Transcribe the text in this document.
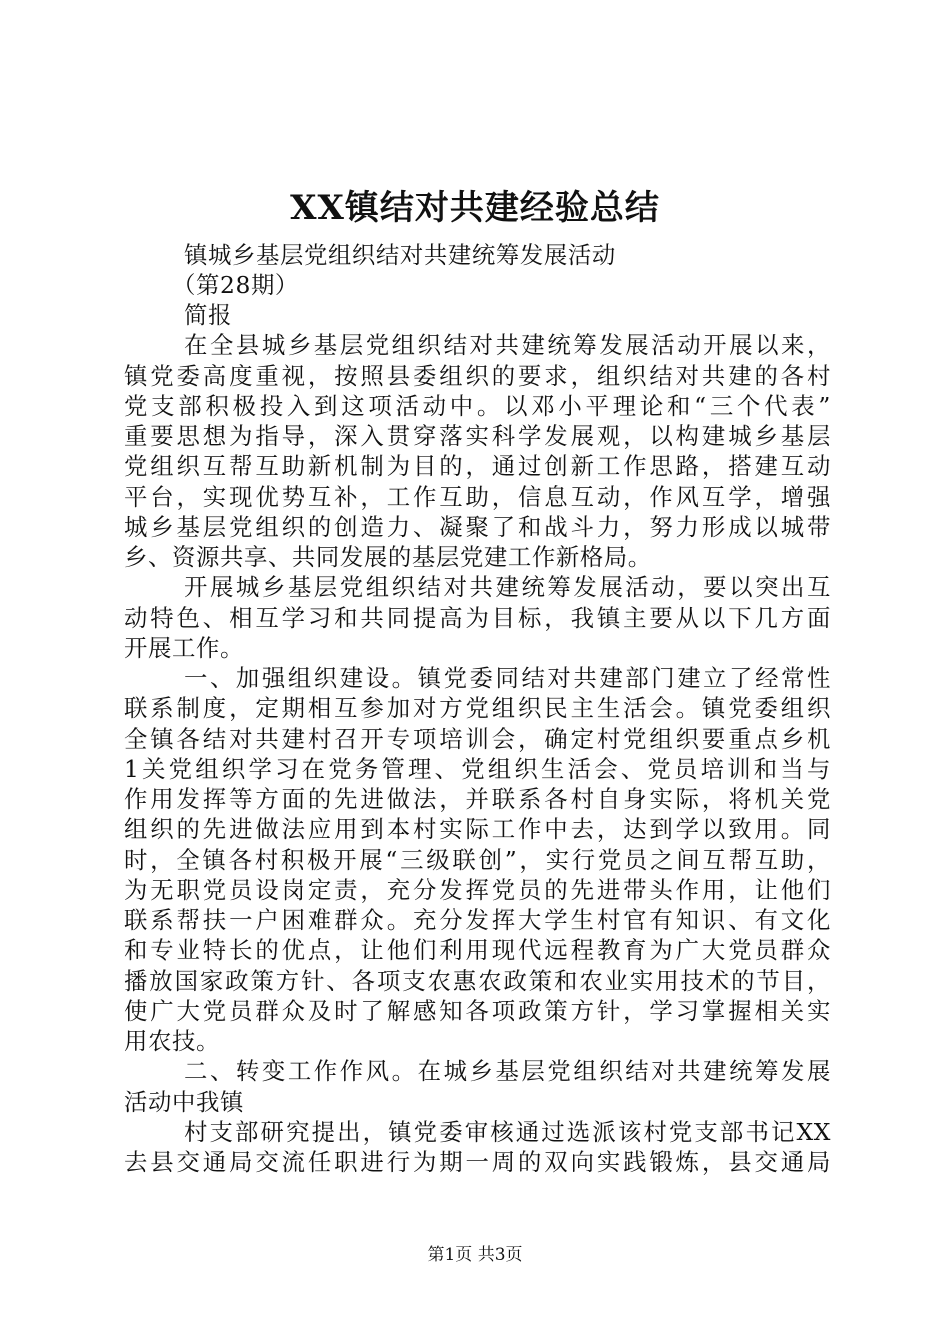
XX镇结对共建经验总结
镇城乡基层党组织结对共建统筹发展活动
（第28期）
简报
在全县城乡基层党组织结对共建统筹发展活动开展以来，
镇党委高度重视，按照县委组织的要求，组织结对共建的各村
党支部积极投入到这项活动中。以邓小平理论和“三个代表”
重要思想为指导，深入贯穿落实科学发展观，以构建城乡基层
党组织互帮互助新机制为目的，通过创新工作思路，搭建互动
平台，实现优势互补，工作互助，信息互动，作风互学，增强
城乡基层党组织的创造力、凝聚了和战斗力，努力形成以城带
乡、资源共享、共同发展的基层党建工作新格局。
开展城乡基层党组织结对共建统筹发展活动，要以突出互
动特色、相互学习和共同提高为目标，我镇主要从以下几方面
开展工作。
一、加强组织建设。镇党委同结对共建部门建立了经常性
联系制度，定期相互参加对方党组织民主生活会。镇党委组织
全镇各结对共建村召开专项培训会，确定村党组织要重点乡机
1关党组织学习在党务管理、党组织生活会、党员培训和当与
作用发挥等方面的先进做法，并联系各村自身实际，将机关党
组织的先进做法应用到本村实际工作中去，达到学以致用。同
时，全镇各村积极开展“三级联创”，实行党员之间互帮互助，
为无职党员设岗定责，充分发挥党员的先进带头作用，让他们
联系帮扶一户困难群众。充分发挥大学生村官有知识、有文化
和专业特长的优点，让他们利用现代远程教育为广大党员群众
播放国家政策方针、各项支农惠农政策和农业实用技术的节目，
使广大党员群众及时了解感知各项政策方针，学习掌握相关实
用农技。
二、转变工作作风。在城乡基层党组织结对共建统筹发展
活动中我镇
村支部研究提出，镇党委审核通过选派该村党支部书记XX
去县交通局交流任职进行为期一周的双向实践锻炼，县交通局
第1页 共3页
